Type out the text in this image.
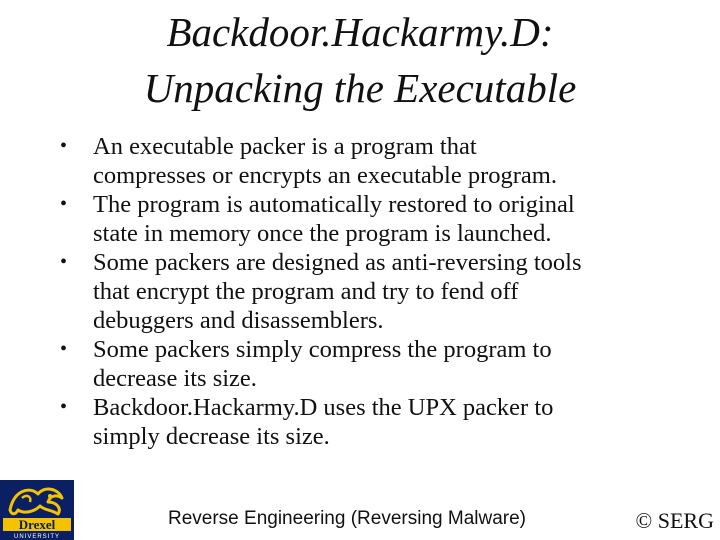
Backdoor.Hackarmy.D:
Unpacking the Executable
•	An executable packer is a program that
compresses or encrypts an executable program.
•	The program is automatically restored to original
state in memory once the program is launched.
•	Some packers are designed as anti-reversing tools
that encrypt the program and try to fend off
debuggers and disassemblers.
•	Some packers simply compress the program to
decrease its size.
•	Backdoor.Hackarmy.D uses the UPX packer to
simply decrease its size.
Drexel
UNIVERSITY
Reverse Engineering (Reversing Malware)	© SERG
